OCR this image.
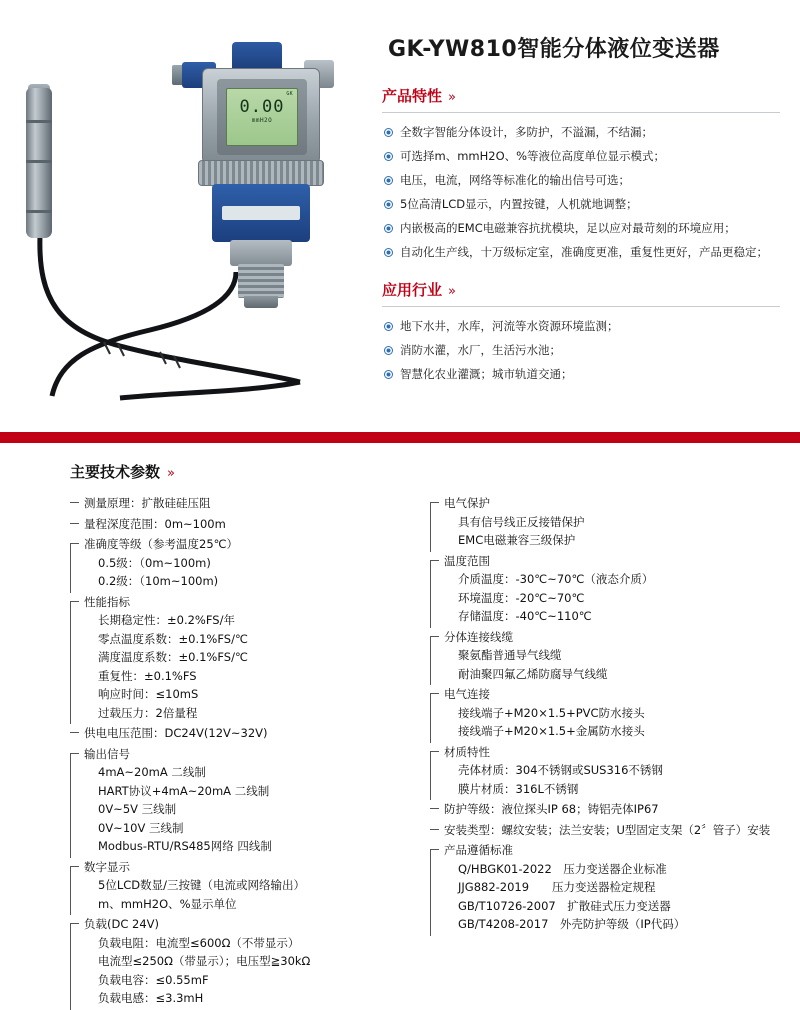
GK
0.00
mmH2O
GK-YW810智能分体液位变送器
产品特性 »
全数字智能分体设计，多防护，不溢漏，不结漏；
可选择m、mmH2O、%等液位高度单位显示模式；
电压，电流，网络等标准化的输出信号可选；
5位高清LCD显示，内置按键，人机就地调整；
内嵌极高的EMC电磁兼容抗扰模块，足以应对最苛刻的环境应用；
自动化生产线，十万级标定室，准确度更准，重复性更好，产品更稳定；
应用行业 »
地下水井，水库，河流等水资源环境监测；
消防水灌，水厂，生活污水池；
智慧化农业灌溉；城市轨道交通；
主要技术参数 »
测量原理：扩散硅硅压阻
量程深度范围：0m~100m
准确度等级（参考温度25℃）
0.5级：（0m~100m)
0.2级：（10m~100m)
性能指标
长期稳定性：±0.2%FS/年
零点温度系数：±0.1%FS/℃
满度温度系数：±0.1%FS/℃
重复性：±0.1%FS
响应时间：≤10mS
过载压力：2倍量程
供电电压范围：DC24V(12V~32V)
输出信号
4mA~20mA 二线制
HART协议+4mA~20mA 二线制
0V~5V 三线制
0V~10V 三线制
Modbus-RTU/RS485网络 四线制
数字显示
5位LCD数显/三按键（电流或网络输出）
m、mmH2O、%显示单位
负载(DC 24V)
负载电阻：电流型≤600Ω（不带显示）
电流型≤250Ω（带显示）；电压型≧30kΩ
负载电容：≤0.55mF
负载电感：≤3.3mH
电气保护
具有信号线正反接错保护
EMC电磁兼容三级保护
温度范围
介质温度：-30℃~70℃（液态介质）
环境温度：-20℃~70℃
存储温度：-40℃~110℃
分体连接线缆
聚氨酯普通导气线缆
耐油聚四氟乙烯防腐导气线缆
电气连接
接线端子+M20×1.5+PVC防水接头
接线端子+M20×1.5+金属防水接头
材质特性
壳体材质：304不锈钢或SUS316不锈钢
膜片材质：316L不锈钢
防护等级：液位探头IP 68；铸铝壳体IP67
安装类型：螺纹安装；法兰安装；U型固定支架（2〞管子）安装
产品遵循标准
Q/HBGK01-2022　压力变送器企业标准
JJG882-2019　　压力变送器检定规程
GB/T10726-2007　扩散硅式压力变送器
GB/T4208-2017　外壳防护等级（IP代码）
